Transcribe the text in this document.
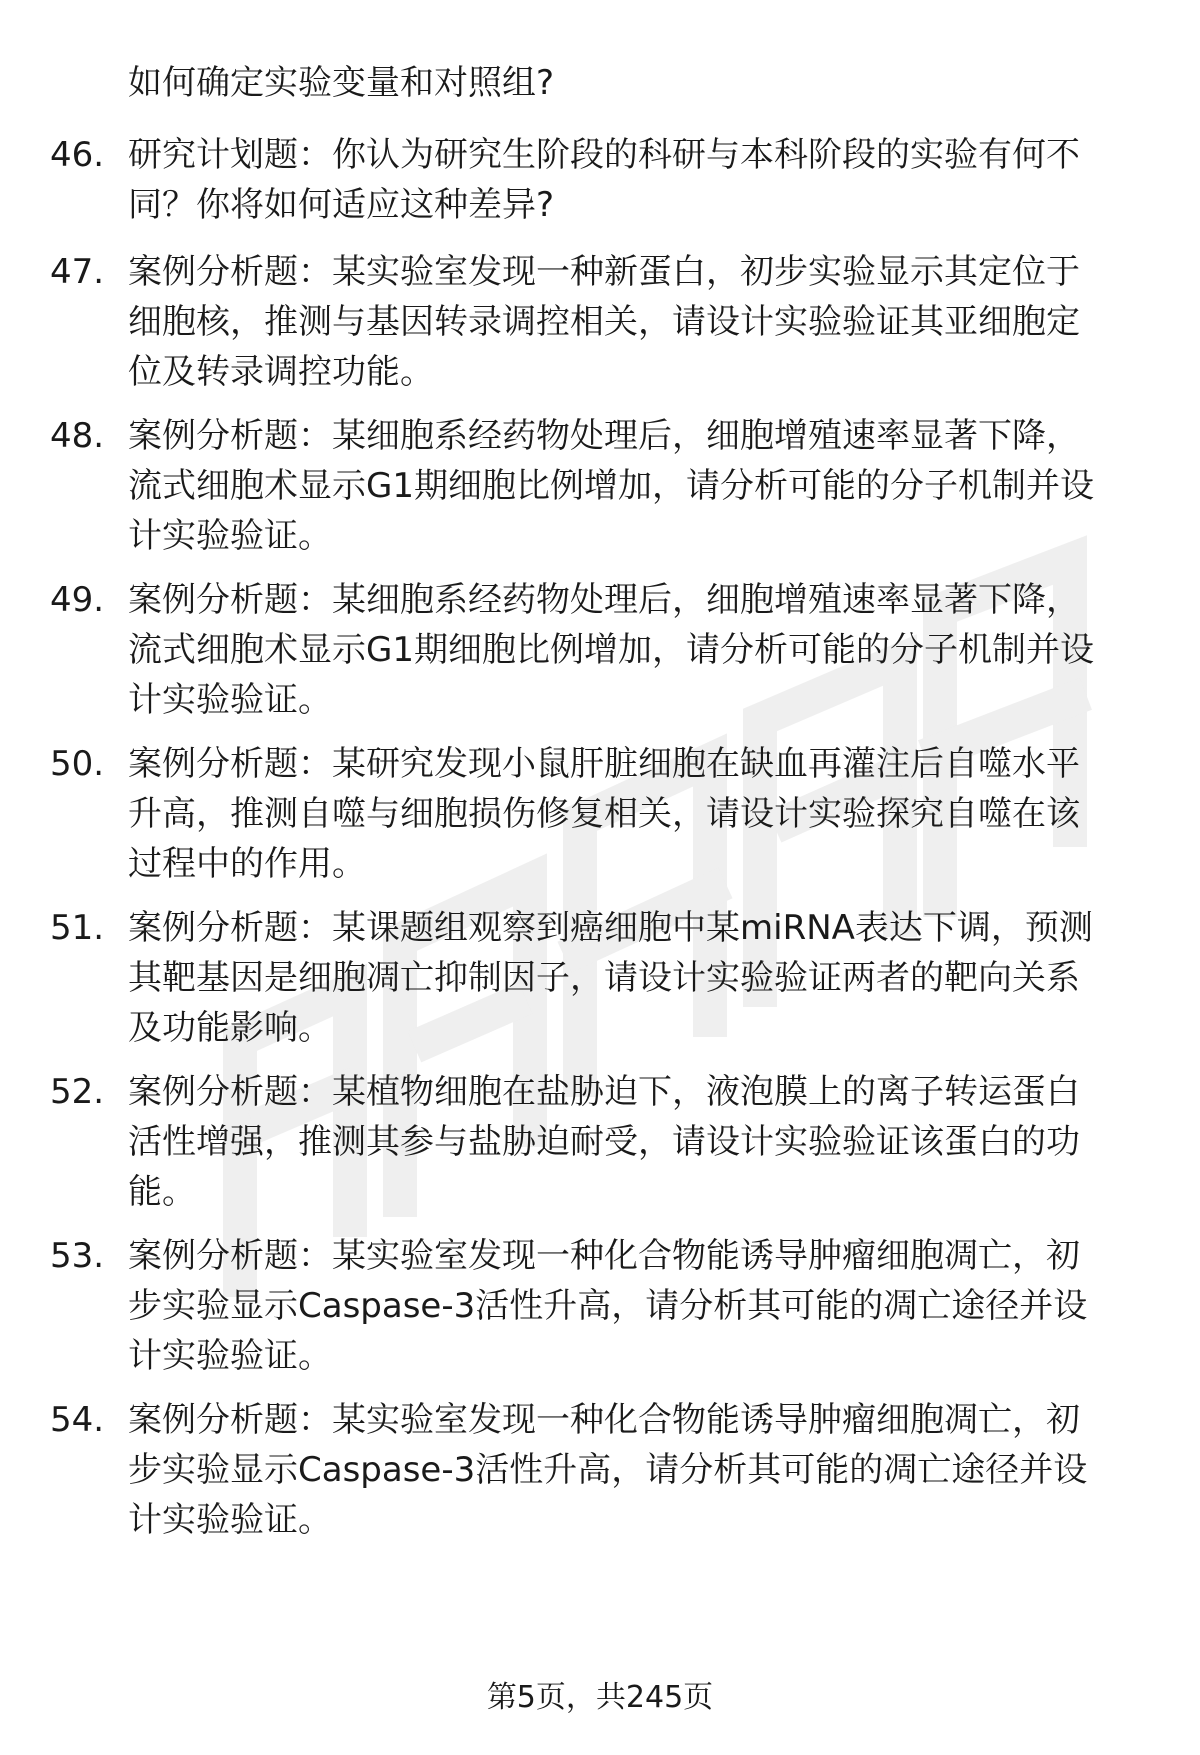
如何确定实验变量和对照组?
46. 研究计划题：你认为研究生阶段的科研与本科阶段的实验有何不
同？你将如何适应这种差异?
47. 案例分析题：某实验室发现一种新蛋白，初步实验显示其定位于
细胞核，推测与基因转录调控相关，请设计实验验证其亚细胞定
位及转录调控功能。
48. 案例分析题：某细胞系经药物处理后，细胞增殖速率显著下降，
流式细胞术显示G1期细胞比例增加，请分析可能的分子机制并设
计实验验证。
49. 案例分析题：某细胞系经药物处理后，细胞增殖速率显著下降，
流式细胞术显示G1期细胞比例增加，请分析可能的分子机制并设
计实验验证。
50. 案例分析题：某研究发现小鼠肝脏细胞在缺血再灌注后自噬水平
升高，推测自噬与细胞损伤修复相关，请设计实验探究自噬在该
过程中的作用。
51. 案例分析题：某课题组观察到癌细胞中某miRNA表达下调，预测
其靶基因是细胞凋亡抑制因子，请设计实验验证两者的靶向关系
及功能影响。
52. 案例分析题：某植物细胞在盐胁迫下，液泡膜上的离子转运蛋白
活性增强，推测其参与盐胁迫耐受，请设计实验验证该蛋白的功
能。
53. 案例分析题：某实验室发现一种化合物能诱导肿瘤细胞凋亡，初
步实验显示Caspase-3活性升高，请分析其可能的凋亡途径并设
计实验验证。
54. 案例分析题：某实验室发现一种化合物能诱导肿瘤细胞凋亡，初
步实验显示Caspase-3活性升高，请分析其可能的凋亡途径并设
计实验验证。
第5页，共245页
